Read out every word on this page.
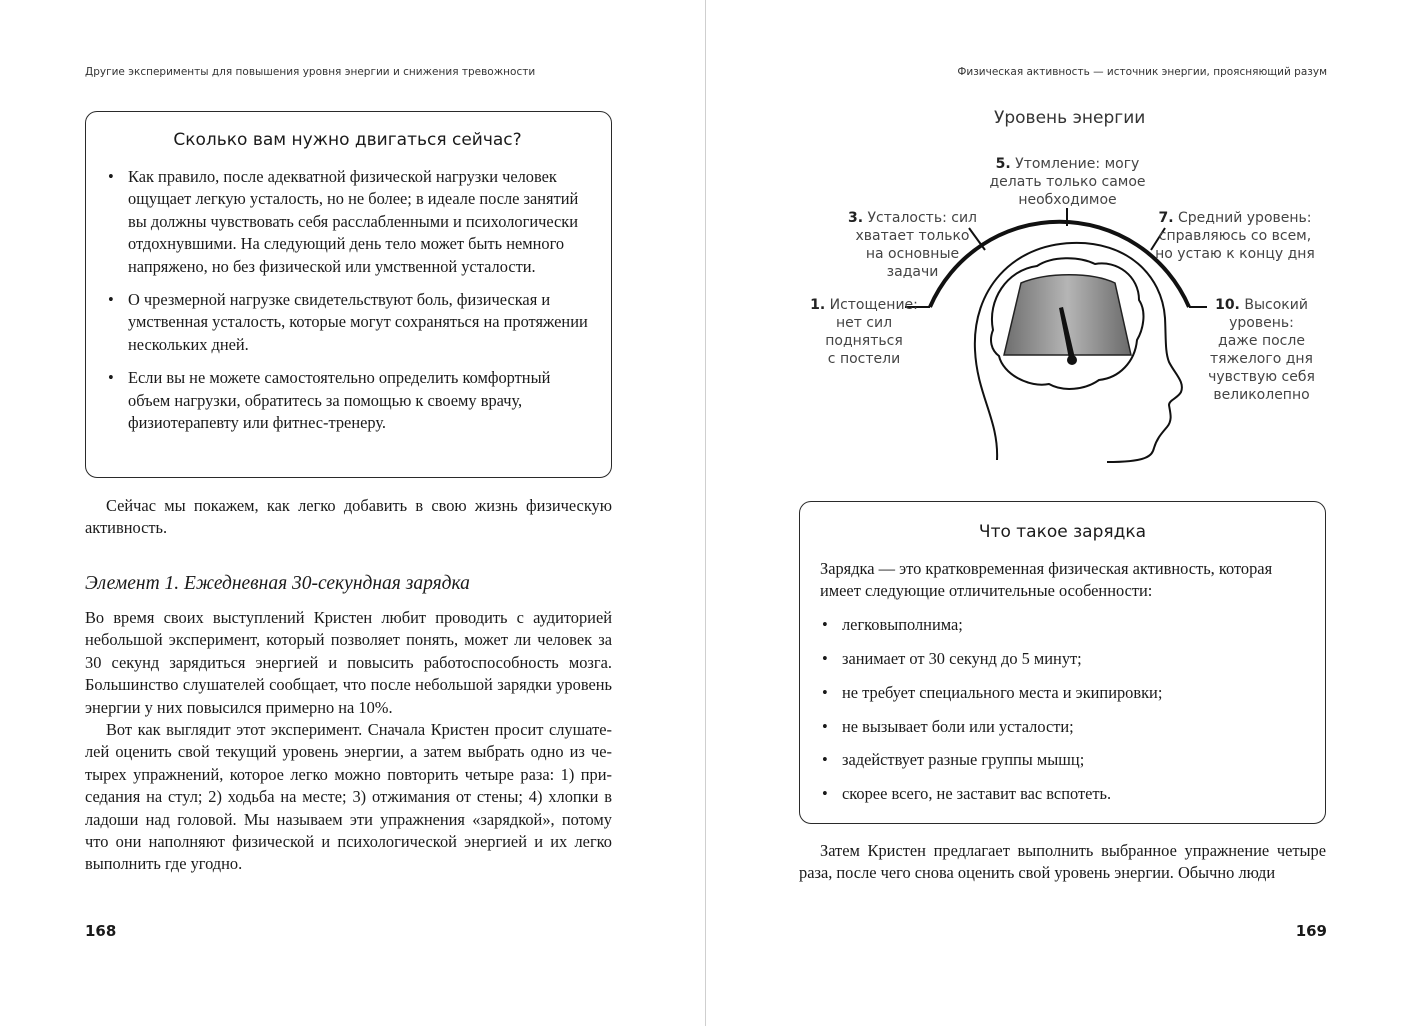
Другие эксперименты для повышения уровня энергии и снижения тревожности
Сколько вам нужно двигаться сейчас?
• Как правило, после адекватной физической нагрузки человек ощущает легкую усталость, но не более; в идеале после занятий вы должны чувствовать себя расслабленными и психологически отдохнувшими. На следующий день тело может быть немного напряжено, но без физической или умственной усталости.
• О чрезмерной нагрузке свидетельствуют боль, физическая и умственная усталость, которые могут сохраняться на протяжении нескольких дней.
• Если вы не можете самостоятельно определить комфортный объем нагрузки, обратитесь за помощью к своему врачу, физиотерапевту или фитнес-тренеру.

Сейчас мы покажем, как легко добавить в свою жизнь физическую активность.

Элемент 1. Ежедневная 30-секундная зарядка

Во время своих выступлений Кристен любит проводить с аудиторией небольшой эксперимент, который позволяет понять, может ли человек за 30 секунд зарядиться энергией и повысить работоспособность мозга. Большинство слушателей сообщает, что после небольшой зарядки уровень энергии у них повысился примерно на 10%.

Вот как выглядит этот эксперимент. Сначала Кристен просит слушателей оценить свой текущий уровень энергии, а затем выбрать одно из четырех упражнений, которое легко можно повторить четыре раза: 1) приседания на стул; 2) ходьба на месте; 3) отжимания от стены; 4) хлопки в ладоши над головой. Мы называем эти упражнения «зарядкой», потому что они наполняют физической и психологической энергией и их легко выполнить где угодно.

168
Физическая активность — источник энергии, проясняющий разум
Уровень энергии
1. Истощение:
нет сил подняться
с постели
3. Усталость: сил
хватает только
на основные
задачи
5. Утомление: могу
делать только самое
необходимое
7. Средний уровень:
справляюсь со всем,
но устаю к концу дня
10. Высокий
уровень:
даже после
тяжелого дня
чувствую себя
великолепно
Что такое зарядка

Зарядка — это кратковременная физическая активность, которая имеет следующие отличительные особенности:

• легковыполнима;
• занимает от 30 секунд до 5 минут;
• не требует специального места и экипировки;
• не вызывает боли или усталости;
• задействует разные группы мышц;
• скорее всего, не заставит вас вспотеть.

Затем Кристен предлагает выполнить выбранное упражнение четыре раза, после чего снова оценить свой уровень энергии. Обычно люди

169
